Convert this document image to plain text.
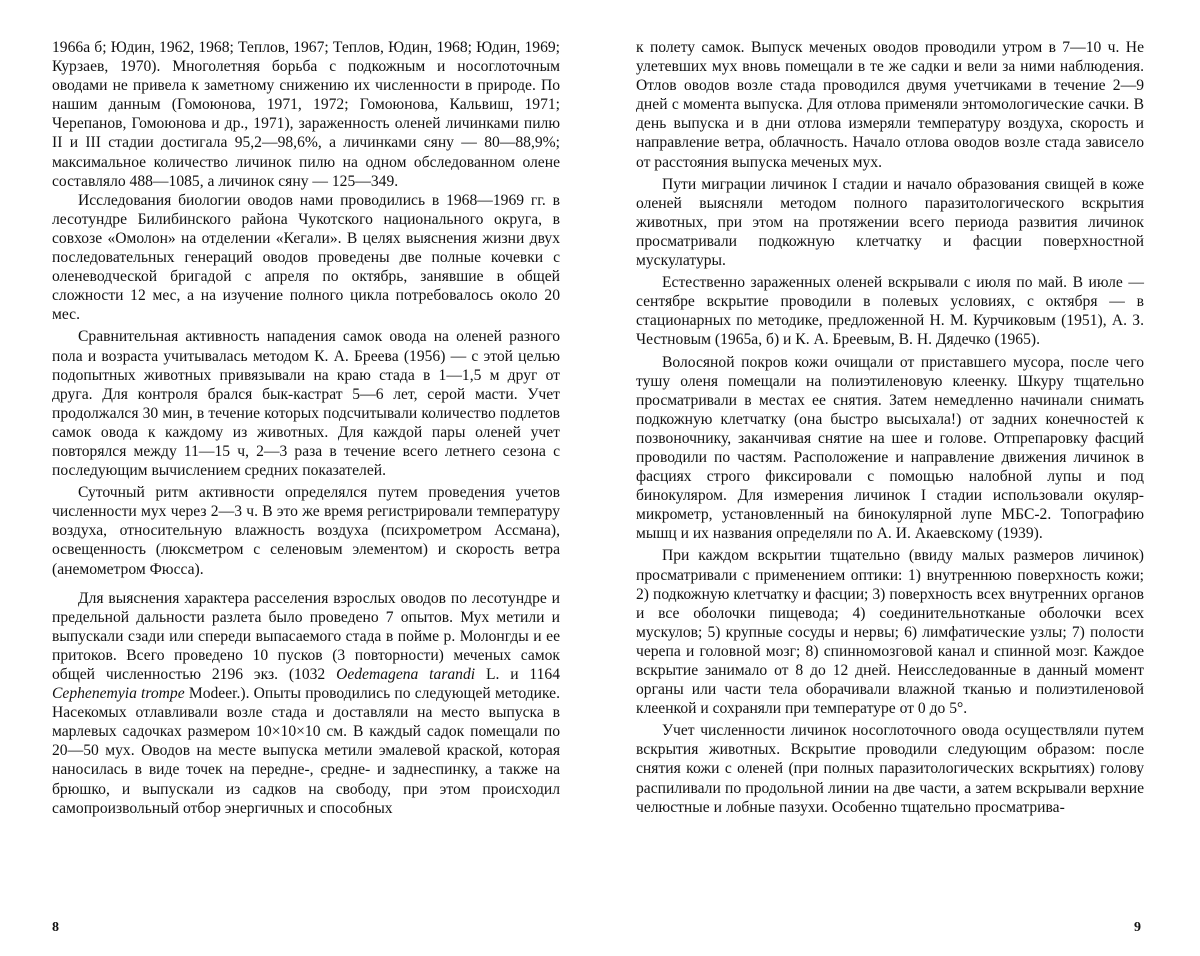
1966а б; Юдин, 1962, 1968; Теплов, 1967; Теплов, Юдин, 1968; Юдин, 1969; Курзаев, 1970). Многолетняя борьба с подкожным и носоглоточным оводами не привела к заметному снижению их численности в природе. По нашим данным (Гомоюнова, 1971, 1972; Гомоюнова, Кальвиш, 1971; Черепанов, Гомоюнова и др., 1971), зараженность оленей личинками пилю II и III стадии достигала 95,2—98,6%, а личинками сяну — 80—88,9%; максимальное количество личинок пилю на одном обследованном олене составляло 488—1085, а личинок сяну — 125—349.

Исследования биологии оводов нами проводились в 1968—1969 гг. в лесотундре Билибинского района Чукотского национального округа, в совхозе «Омолон» на отделении «Кегали». В целях выяснения жизни двух последовательных генераций оводов проведены две полные кочевки с оленеводческой бригадой с апреля по октябрь, занявшие в общей сложности 12 мес, а на изучение полного цикла потребовалось около 20 мес.

Сравнительная активность нападения самок овода на оленей разного пола и возраста учитывалась методом К. А. Бреева (1956) — с этой целью подопытных животных привязывали на краю стада в 1—1,5 м друг от друга. Для контроля брался бык-кастрат 5—6 лет, серой масти. Учет продолжался 30 мин, в течение которых подсчитывали количество подлетов самок овода к каждому из животных. Для каждой пары оленей учет повторялся между 11—15 ч, 2—3 раза в течение всего летнего сезона с последующим вычислением средних показателей.

Суточный ритм активности определялся путем проведения учетов численности мух через 2—3 ч. В это же время регистрировали температуру воздуха, относительную влажность воздуха (психрометром Ассмана), освещенность (люксметром с селеновым элементом) и скорость ветра (анемометром Фюсса).

Для выяснения характера расселения взрослых оводов по лесотундре и предельной дальности разлета было проведено 7 опытов. Мух метили и выпускали сзади или спереди выпасаемого стада в пойме р. Молонгды и ее притоков. Всего проведено 10 пусков (3 повторности) меченых самок общей численностью 2196 экз. (1032 Oedemagena tarandi L. и 1164 Cephenemyia trompe Modeer.). Опыты проводились по следующей методике. Насекомых отлавливали возле стада и доставляли на место выпуска в марлевых садочках размером 10×10×10 см. В каждый садок помещали по 20—50 мух. Оводов на месте выпуска метили эмалевой краской, которая наносилась в виде точек на передне-, средне- и заднеспинку, а также на брюшко, и выпускали из садков на свободу, при этом происходил самопроизвольный отбор энергичных и способных

8

к полету самок. Выпуск меченых оводов проводили утром в 7—10 ч. Не улетевших мух вновь помещали в те же садки и вели за ними наблюдения. Отлов оводов возле стада проводился двумя учетчиками в течение 2—9 дней с момента выпуска. Для отлова применяли энтомологические сачки. В день выпуска и в дни отлова измеряли температуру воздуха, скорость и направление ветра, облачность. Начало отлова оводов возле стада зависело от расстояния выпуска меченых мух.

Пути миграции личинок I стадии и начало образования свищей в коже оленей выясняли методом полного паразитологического вскрытия животных, при этом на протяжении всего периода развития личинок просматривали подкожную клетчатку и фасции поверхностной мускулатуры.

Естественно зараженных оленей вскрывали с июля по май. В июле — сентябре вскрытие проводили в полевых условиях, с октября — в стационарных по методике, предложенной Н. М. Курчиковым (1951), А. З. Честновым (1965а, б) и К. А. Бреевым, В. Н. Дядечко (1965).

Волосяной покров кожи очищали от приставшего мусора, после чего тушу оленя помещали на полиэтиленовую клеенку. Шкуру тщательно просматривали в местах ее снятия. Затем немедленно начинали снимать подкожную клетчатку (она быстро высыхала!) от задних конечностей к позвоночнику, заканчивая снятие на шее и голове. Отпрепаровку фасций проводили по частям. Расположение и направление движения личинок в фасциях строго фиксировали с помощью налобной лупы и под бинокуляром. Для измерения личинок I стадии использовали окуляр-микрометр, установленный на бинокулярной лупе МБС-2. Топографию мышц и их названия определяли по А. И. Акаевскому (1939).

При каждом вскрытии тщательно (ввиду малых размеров личинок) просматривали с применением оптики: 1) внутреннюю поверхность кожи; 2) подкожную клетчатку и фасции; 3) поверхность всех внутренних органов и все оболочки пищевода; 4) соединительнотканые оболочки всех мускулов; 5) крупные сосуды и нервы; 6) лимфатические узлы; 7) полости черепа и головной мозг; 8) спинномозговой канал и спинной мозг. Каждое вскрытие занимало от 8 до 12 дней. Неисследованные в данный момент органы или части тела оборачивали влажной тканью и полиэтиленовой клеенкой и сохраняли при температуре от 0 до 5°.

Учет численности личинок носоглоточного овода осуществляли путем вскрытия животных. Вскрытие проводили следующим образом: после снятия кожи с оленей (при полных паразитологических вскрытиях) голову распиливали по продольной линии на две части, а затем вскрывали верхние челюстные и лобные пазухи. Особенно тщательно просматрива-

9
